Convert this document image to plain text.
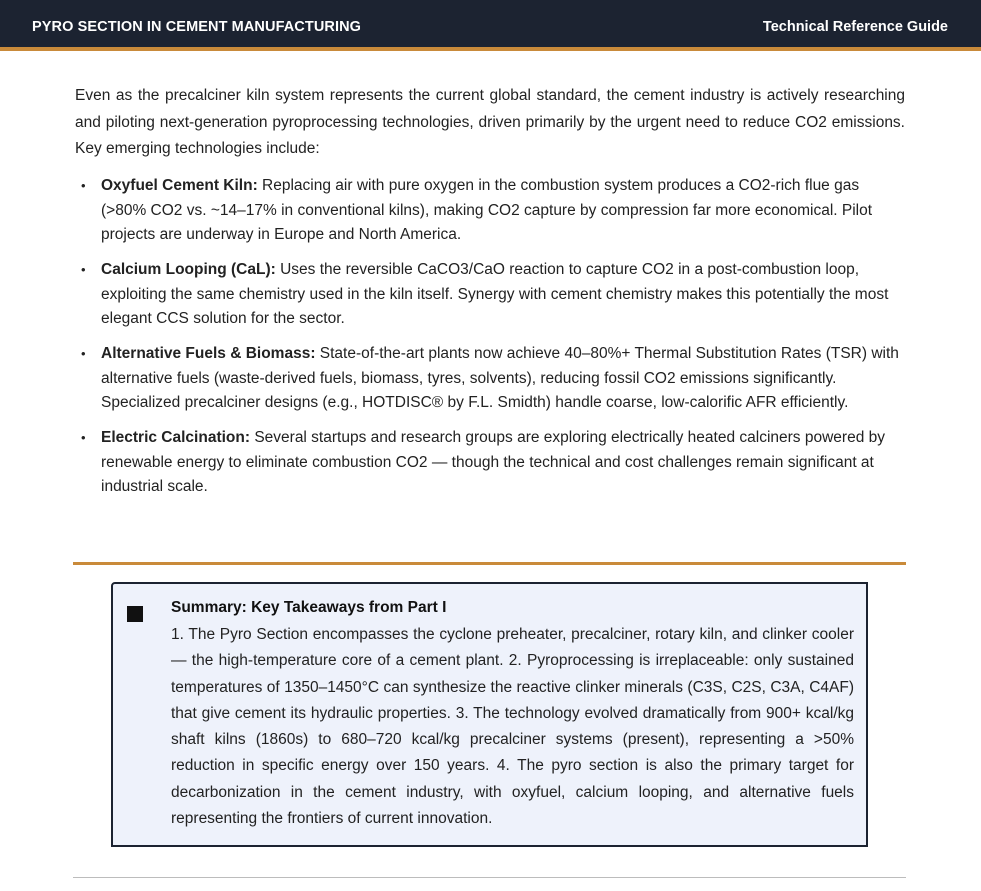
PYRO SECTION IN CEMENT MANUFACTURING	Technical Reference Guide

Even as the precalciner kiln system represents the current global standard, the cement industry is actively researching and piloting next-generation pyroprocessing technologies, driven primarily by the urgent need to reduce CO2 emissions. Key emerging technologies include:

• Oxyfuel Cement Kiln: Replacing air with pure oxygen in the combustion system produces a CO2-rich flue gas (>80% CO2 vs. ~14–17% in conventional kilns), making CO2 capture by compression far more economical. Pilot projects are underway in Europe and North America.
• Calcium Looping (CaL): Uses the reversible CaCO3/CaO reaction to capture CO2 in a post-combustion loop, exploiting the same chemistry used in the kiln itself. Synergy with cement chemistry makes this potentially the most elegant CCS solution for the sector.
• Alternative Fuels & Biomass: State-of-the-art plants now achieve 40–80%+ Thermal Substitution Rates (TSR) with alternative fuels (waste-derived fuels, biomass, tyres, solvents), reducing fossil CO2 emissions significantly. Specialized precalciner designs (e.g., HOTDISC® by F.L. Smidth) handle coarse, low-calorific AFR efficiently.
• Electric Calcination: Several startups and research groups are exploring electrically heated calciners powered by renewable energy to eliminate combustion CO2 — though the technical and cost challenges remain significant at industrial scale.
Summary: Key Takeaways from Part I

1. The Pyro Section encompasses the cyclone preheater, precalciner, rotary kiln, and clinker cooler — the high-temperature core of a cement plant. 2. Pyroprocessing is irreplaceable: only sustained temperatures of 1350–1450°C can synthesize the reactive clinker minerals (C3S, C2S, C3A, C4AF) that give cement its hydraulic properties. 3. The technology evolved dramatically from 900+ kcal/kg shaft kilns (1860s) to 680–720 kcal/kg precalciner systems (present), representing a >50% reduction in specific energy over 150 years. 4. The pyro section is also the primary target for decarbonization in the cement industry, with oxyfuel, calcium looping, and alternative fuels representing the frontiers of current innovation.
